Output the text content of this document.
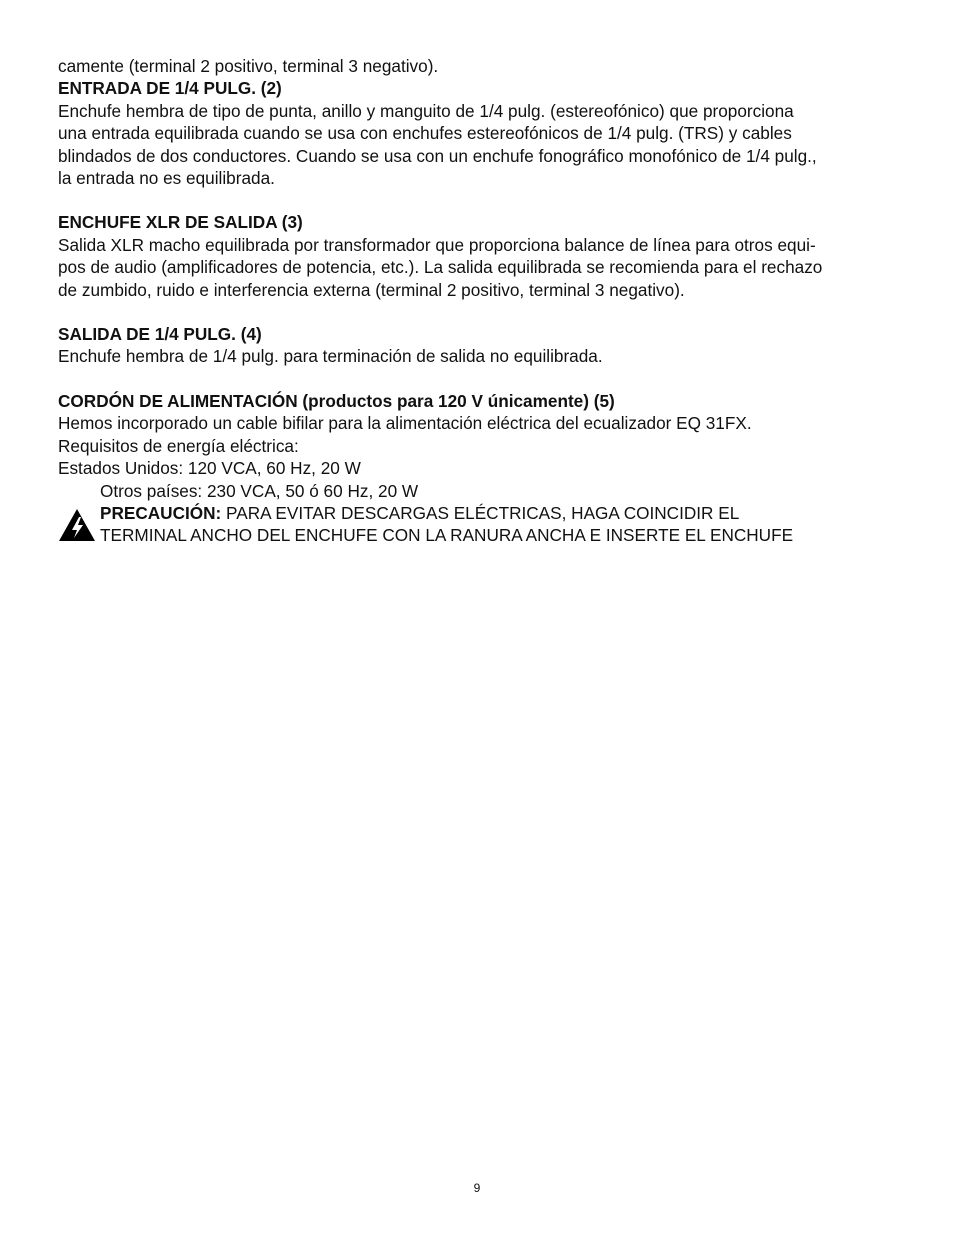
camente (terminal 2 positivo, terminal 3 negativo).
ENTRADA DE 1/4 PULG. (2)
Enchufe hembra de tipo de punta, anillo y manguito de 1/4 pulg. (estereofónico) que proporciona
una entrada equilibrada cuando se usa con enchufes estereofónicos de 1/4 pulg. (TRS) y cables
blindados de dos conductores. Cuando se usa con un enchufe fonográfico monofónico de 1/4 pulg.,
la entrada no es equilibrada.
ENCHUFE XLR DE SALIDA (3)
Salida XLR macho equilibrada por transformador que proporciona balance de línea para otros equi-
pos de audio (amplificadores de potencia, etc.). La salida equilibrada se recomienda para el rechazo
de zumbido, ruido e interferencia externa (terminal 2 positivo, terminal 3 negativo).
SALIDA DE 1/4 PULG. (4)
Enchufe hembra de 1/4 pulg. para terminación de salida no equilibrada.
CORDÓN DE ALIMENTACIÓN (productos para 120 V únicamente) (5)
Hemos incorporado un cable bifilar para la alimentación eléctrica del ecualizador EQ 31FX.
Requisitos de energía eléctrica:
Estados Unidos: 120 VCA, 60 Hz, 20 W
Otros países: 230 VCA, 50 ó 60 Hz, 20 W
PRECAUCIÓN: PARA EVITAR DESCARGAS ELÉCTRICAS, HAGA COINCIDIR EL
TERMINAL ANCHO DEL ENCHUFE CON LA RANURA ANCHA E INSERTE EL ENCHUFE
9
